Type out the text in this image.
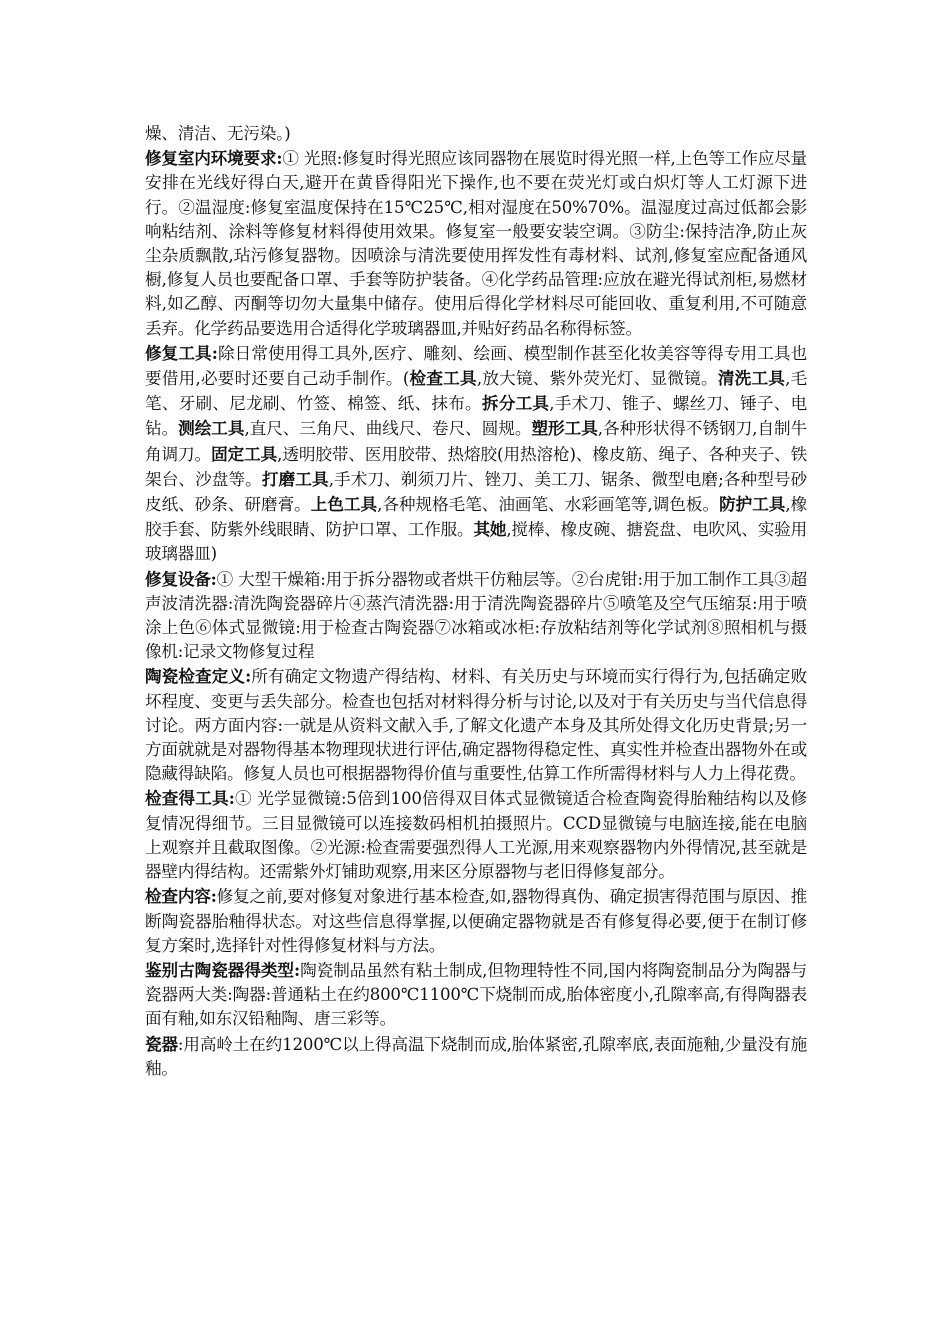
燥、清洁、无污染。)

修复室内环境要求:① 光照:修复时得光照应该同器物在展览时得光照一样,上色等工作应尽量安排在光线好得白天,避开在黄昏得阳光下操作,也不要在荧光灯或白炽灯等人工灯源下进行。②温湿度:修复室温度保持在15℃25℃,相对湿度在50%70%。温湿度过高过低都会影响粘结剂、涂料等修复材料得使用效果。修复室一般要安装空调。③防尘:保持洁净,防止灰尘杂质飘散,玷污修复器物。因喷涂与清洗要使用挥发性有毒材料、试剂,修复室应配备通风橱,修复人员也要配备口罩、手套等防护装备。④化学药品管理:应放在避光得试剂柜,易燃材料,如乙醇、丙酮等切勿大量集中储存。使用后得化学材料尽可能回收、重复利用,不可随意丢弃。化学药品要选用合适得化学玻璃器皿,并贴好药品名称得标签。

修复工具:除日常使用得工具外,医疗、雕刻、绘画、模型制作甚至化妆美容等得专用工具也要借用,必要时还要自己动手制作。(检查工具,放大镜、紫外荧光灯、显微镜。清洗工具,毛笔、牙刷、尼龙刷、竹签、棉签、纸、抹布。拆分工具,手术刀、锥子、螺丝刀、锤子、电钻。测绘工具,直尺、三角尺、曲线尺、卷尺、圆规。塑形工具,各种形状得不锈钢刀,自制牛角调刀。固定工具,透明胶带、医用胶带、热熔胶(用热溶枪)、橡皮筋、绳子、各种夹子、铁架台、沙盘等。打磨工具,手术刀、剃须刀片、锉刀、美工刀、锯条、微型电磨;各种型号砂皮纸、砂条、研磨膏。上色工具,各种规格毛笔、油画笔、水彩画笔等,调色板。防护工具,橡胶手套、防紫外线眼睛、防护口罩、工作服。其她,搅棒、橡皮碗、搪瓷盘、电吹风、实验用玻璃器皿)

修复设备:① 大型干燥箱:用于拆分器物或者烘干仿釉层等。②台虎钳:用于加工制作工具③超声波清洗器:清洗陶瓷器碎片④蒸汽清洗器:用于清洗陶瓷器碎片⑤喷笔及空气压缩泵:用于喷涂上色⑥体式显微镜:用于检查古陶瓷器⑦冰箱或冰柜:存放粘结剂等化学试剂⑧照相机与摄像机:记录文物修复过程

陶瓷检查定义:所有确定文物遗产得结构、材料、有关历史与环境而实行得行为,包括确定败坏程度、变更与丢失部分。检查也包括对材料得分析与讨论,以及对于有关历史与当代信息得讨论。两方面内容:一就是从资料文献入手,了解文化遗产本身及其所处得文化历史背景;另一方面就就是对器物得基本物理现状进行评估,确定器物得稳定性、真实性并检查出器物外在或隐藏得缺陷。修复人员也可根据器物得价值与重要性,估算工作所需得材料与人力上得花费。

检查得工具:① 光学显微镜:5倍到100倍得双目体式显微镜适合检查陶瓷得胎釉结构以及修复情况得细节。三目显微镜可以连接数码相机拍摄照片。CCD显微镜与电脑连接,能在电脑上观察并且截取图像。②光源:检查需要强烈得人工光源,用来观察器物内外得情况,甚至就是器壁内得结构。还需紫外灯铺助观察,用来区分原器物与老旧得修复部分。

检查内容:修复之前,要对修复对象进行基本检查,如,器物得真伪、确定损害得范围与原因、推断陶瓷器胎釉得状态。对这些信息得掌握,以便确定器物就是否有修复得必要,便于在制订修复方案时,选择针对性得修复材料与方法。

鉴别古陶瓷器得类型:陶瓷制品虽然有粘土制成,但物理特性不同,国内将陶瓷制品分为陶器与瓷器两大类:陶器:普通粘土在约800℃1100℃下烧制而成,胎体密度小,孔隙率高,有得陶器表面有釉,如东汉铅釉陶、唐三彩等。

瓷器:用高岭土在约1200℃以上得高温下烧制而成,胎体紧密,孔隙率底,表面施釉,少量没有施釉。
